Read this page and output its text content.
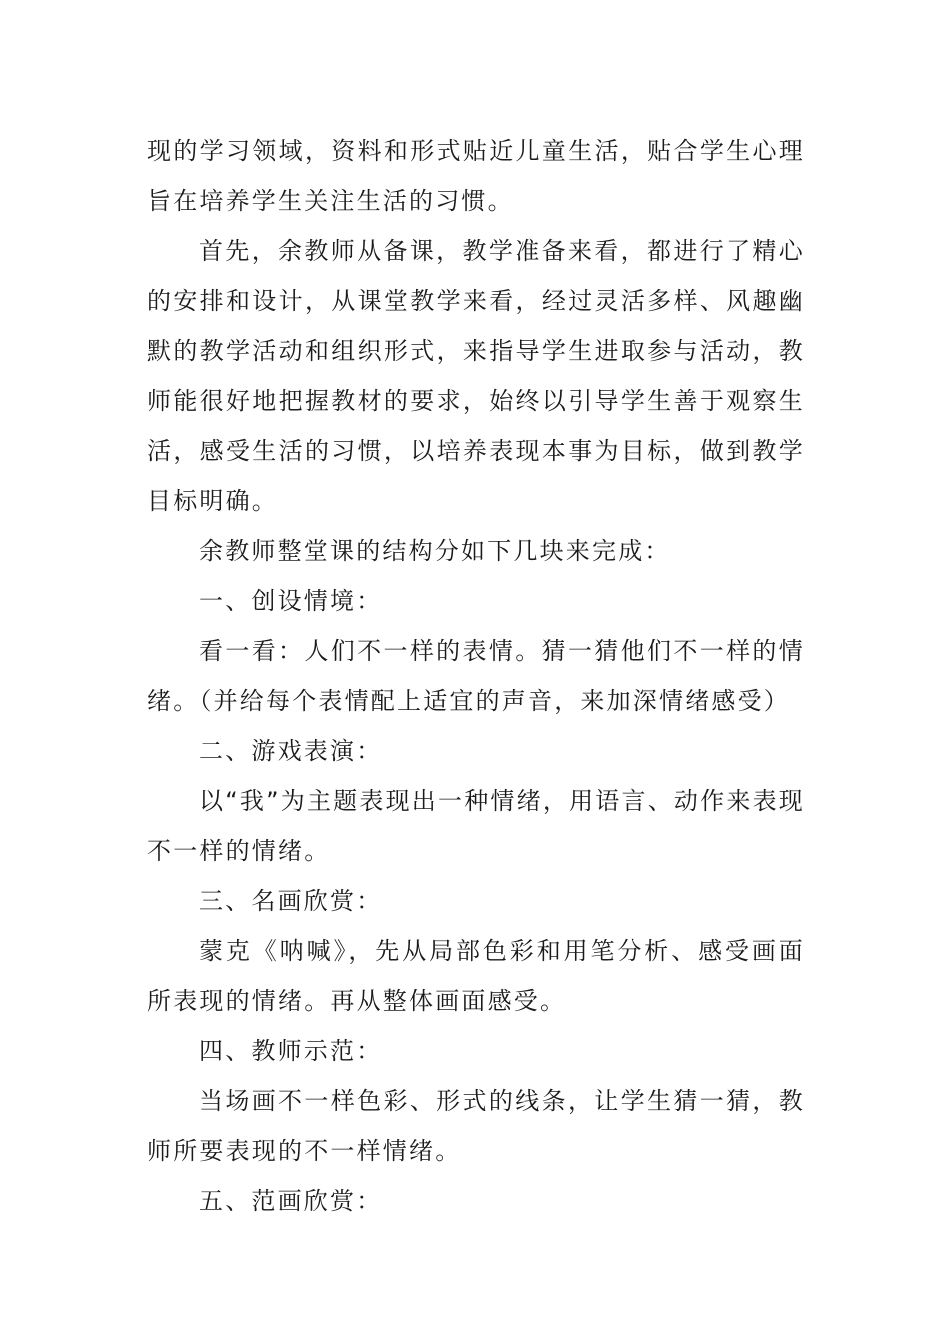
现的学习领域，资料和形式贴近儿童生活，贴合学生心理旨在培养学生关注生活的习惯。

首先，余教师从备课，教学准备来看，都进行了精心的安排和设计，从课堂教学来看，经过灵活多样、风趣幽默的教学活动和组织形式，来指导学生进取参与活动，教师能很好地把握教材的要求，始终以引导学生善于观察生活，感受生活的习惯，以培养表现本事为目标，做到教学目标明确。

余教师整堂课的结构分如下几块来完成：

一、创设情境：

看一看：人们不一样的表情。猜一猜他们不一样的情绪。（并给每个表情配上适宜的声音，来加深情绪感受）

二、游戏表演：

以“我”为主题表现出一种情绪，用语言、动作来表现不一样的情绪。

三、名画欣赏：

蒙克《呐喊》，先从局部色彩和用笔分析、感受画面所表现的情绪。再从整体画面感受。

四、教师示范：

当场画不一样色彩、形式的线条，让学生猜一猜，教师所要表现的不一样情绪。

五、范画欣赏：
